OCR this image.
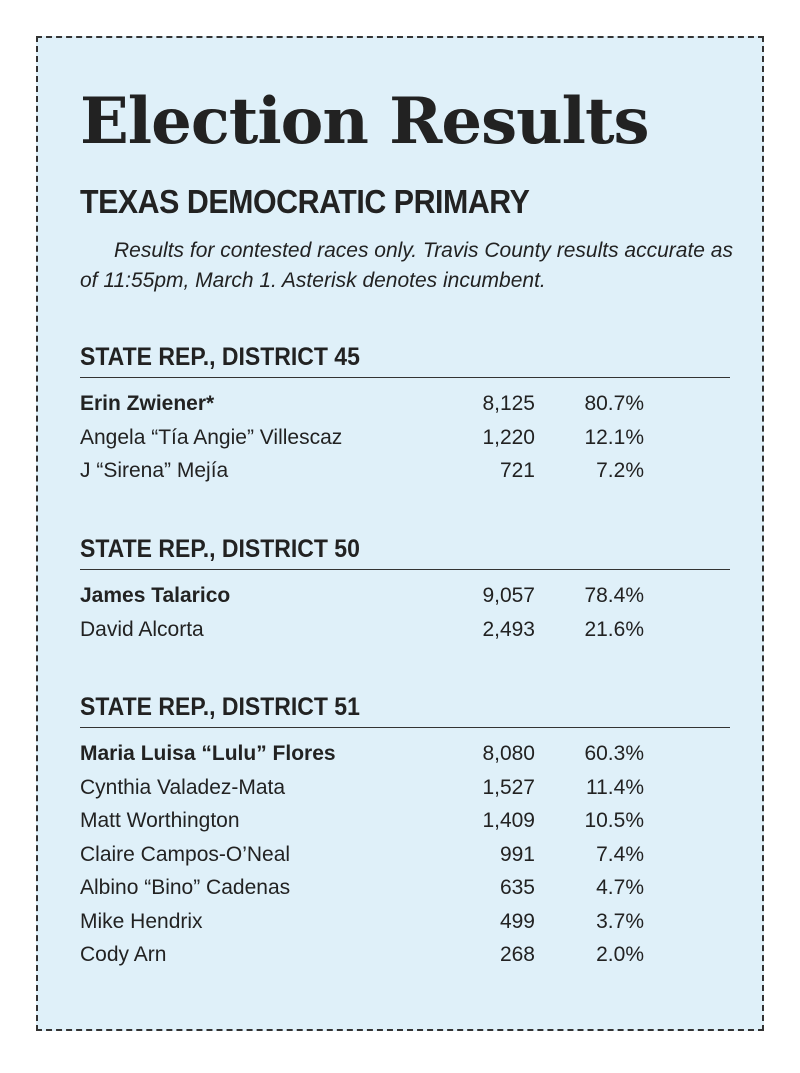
Election Results
TEXAS DEMOCRATIC PRIMARY

Results for contested races only. Travis County results accurate as of 11:55pm, March 1. Asterisk denotes incumbent.

STATE REP., DISTRICT 45
Erin Zwiener*	8,125 80.7%
Angela “Tía Angie” Villescaz	1,220 12.1%
J “Sirena” Mejía	721	7.2%
STATE REP., DISTRICT 50
James Talarico	9,057 78.4%
David Alcorta	2,493 21.6%
STATE REP., DISTRICT 51
Maria Luisa “Lulu” Flores	8,080 60.3%
Cynthia Valadez-Mata	1,527 11.4%
Matt Worthington	1,409 10.5%
Claire Campos-O’Neal	991	7.4%
Albino “Bino” Cadenas	635	4.7%
Mike Hendrix	499	3.7%
Cody Arn	268	2.0%
